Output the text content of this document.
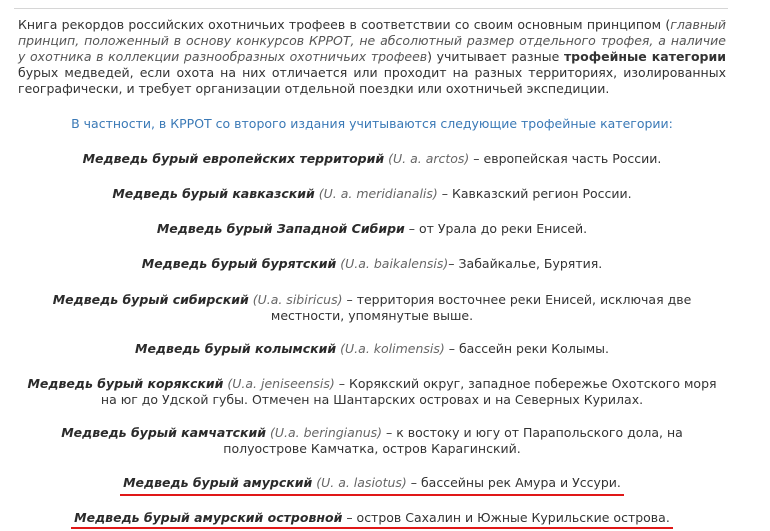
Книга рекордов российских охотничьих трофеев в соответствии со своим основным принципом (главный принцип, положенный в основу конкурсов КРРОТ, не абсолютный размер отдельного трофея, а наличие у охотника в коллекции разнообразных охотничьих трофеев) учитывает разные трофейные категории бурых медведей, если охота на них отличается или проходит на разных территориях, изолированных географически, и требует организации отдельной поездки или охотничьей экспедиции.
В частности, в КРРОТ со второго издания учитываются следующие трофейные категории:
Медведь бурый европейских территорий (U. a. arctos) – европейская часть России.
Медведь бурый кавказский (U. a. meridianalis) – Кавказский регион России.
Медведь бурый Западной Сибири – от Урала до реки Енисей.
Медведь бурый бурятский (U.a. baikalensis)– Забайкалье, Бурятия.
Медведь бурый сибирский (U.a. sibiricus) – территория восточнее реки Енисей, исключая две местности, упомянутые выше.
Медведь бурый колымский (U.a. kolimensis) – бассейн реки Колымы.
Медведь бурый корякский (U.a. jeniseensis) – Корякский округ, западное побережье Охотского моря на юг до Удской губы. Отмечен на Шантарских островах и на Северных Курилах.
Медведь бурый камчатский (U.a. beringianus) – к востоку и югу от Парапольского дола, на полуострове Камчатка, остров Карагинский.
Медведь бурый амурский (U. a. lasiotus) – бассейны рек Амура и Уссури.
Медведь бурый амурский островной – остров Сахалин и Южные Курильские острова.
